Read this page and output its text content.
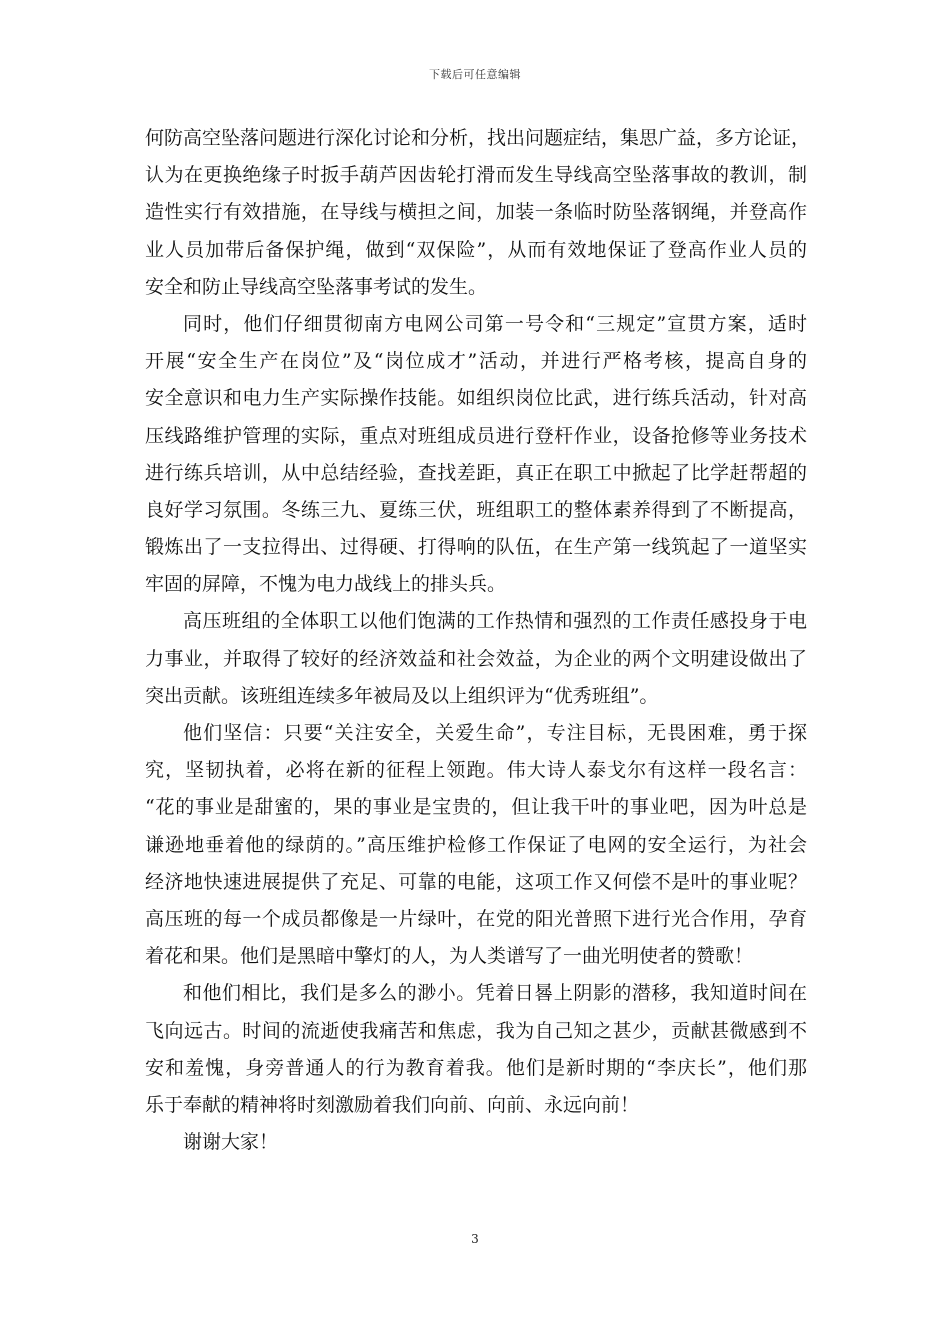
下载后可任意编辑
何防高空坠落问题进行深化讨论和分析，找出问题症结，集思广益，多方论证，
认为在更换绝缘子时扳手葫芦因齿轮打滑而发生导线高空坠落事故的教训，制
造性实行有效措施，在导线与横担之间，加装一条临时防坠落钢绳，并登高作
业人员加带后备保护绳，做到“双保险”，从而有效地保证了登高作业人员的
安全和防止导线高空坠落事考试的发生。
同时，他们仔细贯彻南方电网公司第一号令和“三规定”宣贯方案，适时
开展“安全生产在岗位”及“岗位成才”活动，并进行严格考核，提高自身的
安全意识和电力生产实际操作技能。如组织岗位比武，进行练兵活动，针对高
压线路维护管理的实际，重点对班组成员进行登杆作业，设备抢修等业务技术
进行练兵培训，从中总结经验，查找差距，真正在职工中掀起了比学赶帮超的
良好学习氛围。冬练三九、夏练三伏，班组职工的整体素养得到了不断提高，
锻炼出了一支拉得出、过得硬、打得响的队伍，在生产第一线筑起了一道坚实
牢固的屏障，不愧为电力战线上的排头兵。
高压班组的全体职工以他们饱满的工作热情和强烈的工作责任感投身于电
力事业，并取得了较好的经济效益和社会效益，为企业的两个文明建设做出了
突出贡献。该班组连续多年被局及以上组织评为“优秀班组”。
他们坚信：只要“关注安全，关爱生命”，专注目标，无畏困难，勇于探
究，坚韧执着，必将在新的征程上领跑。伟大诗人泰戈尔有这样一段名言：
“花的事业是甜蜜的，果的事业是宝贵的，但让我干叶的事业吧，因为叶总是
谦逊地垂着他的绿荫的。”高压维护检修工作保证了电网的安全运行，为社会
经济地快速进展提供了充足、可靠的电能，这项工作又何偿不是叶的事业呢？
高压班的每一个成员都像是一片绿叶，在党的阳光普照下进行光合作用，孕育
着花和果。他们是黑暗中擎灯的人，为人类谱写了一曲光明使者的赞歌！
和他们相比，我们是多么的渺小。凭着日晷上阴影的潜移，我知道时间在
飞向远古。时间的流逝使我痛苦和焦虑，我为自己知之甚少，贡献甚微感到不
安和羞愧，身旁普通人的行为教育着我。他们是新时期的“李庆长”，他们那
乐于奉献的精神将时刻激励着我们向前、向前、永远向前！
谢谢大家！
3
